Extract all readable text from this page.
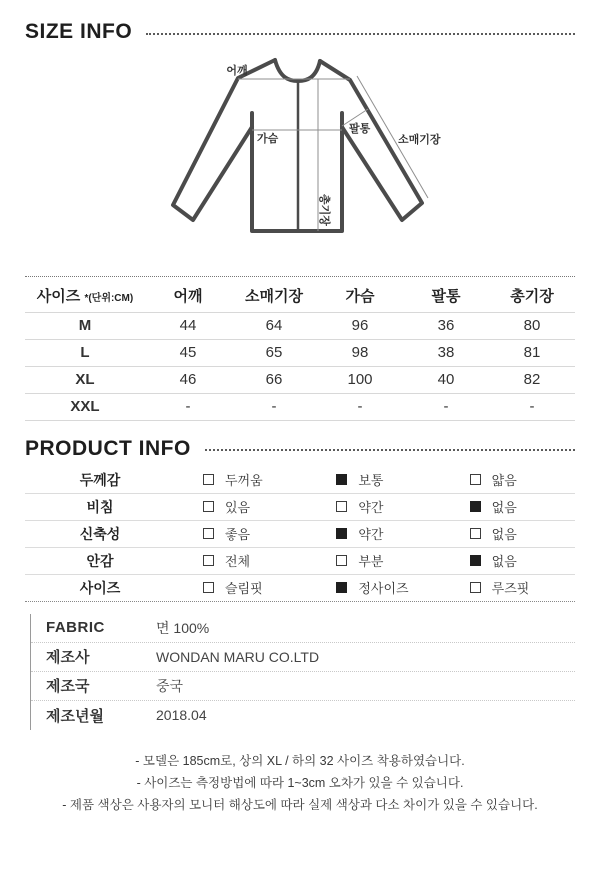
SIZE INFO
어깨
가슴
팔통
소매기장
총기장
사이즈 *(단위:CM)	어깨	소매기장	가슴	팔통	총기장
M	44	64	96	36	80
L	45	65	98	38	81
XL	46	66	100	40	82
XXL	-	-	-	-	-
PRODUCT INFO
두께감	두꺼움	보통	얇음
비침	있음	약간	없음
신축성	좋음	약간	없음
안감	전체	부분	없음
사이즈	슬림핏	정사이즈	루즈핏
FABRIC	면 100%
제조사	WONDAN MARU CO.LTD
제조국	중국
제조년월	2018.04
- 모델은 185cm로, 상의 XL / 하의 32 사이즈 착용하였습니다.
- 사이즈는 측정방법에 따라 1~3cm 오차가 있을 수 있습니다.
- 제품 색상은 사용자의 모니터 해상도에 따라 실제 색상과 다소 차이가 있을 수 있습니다.
